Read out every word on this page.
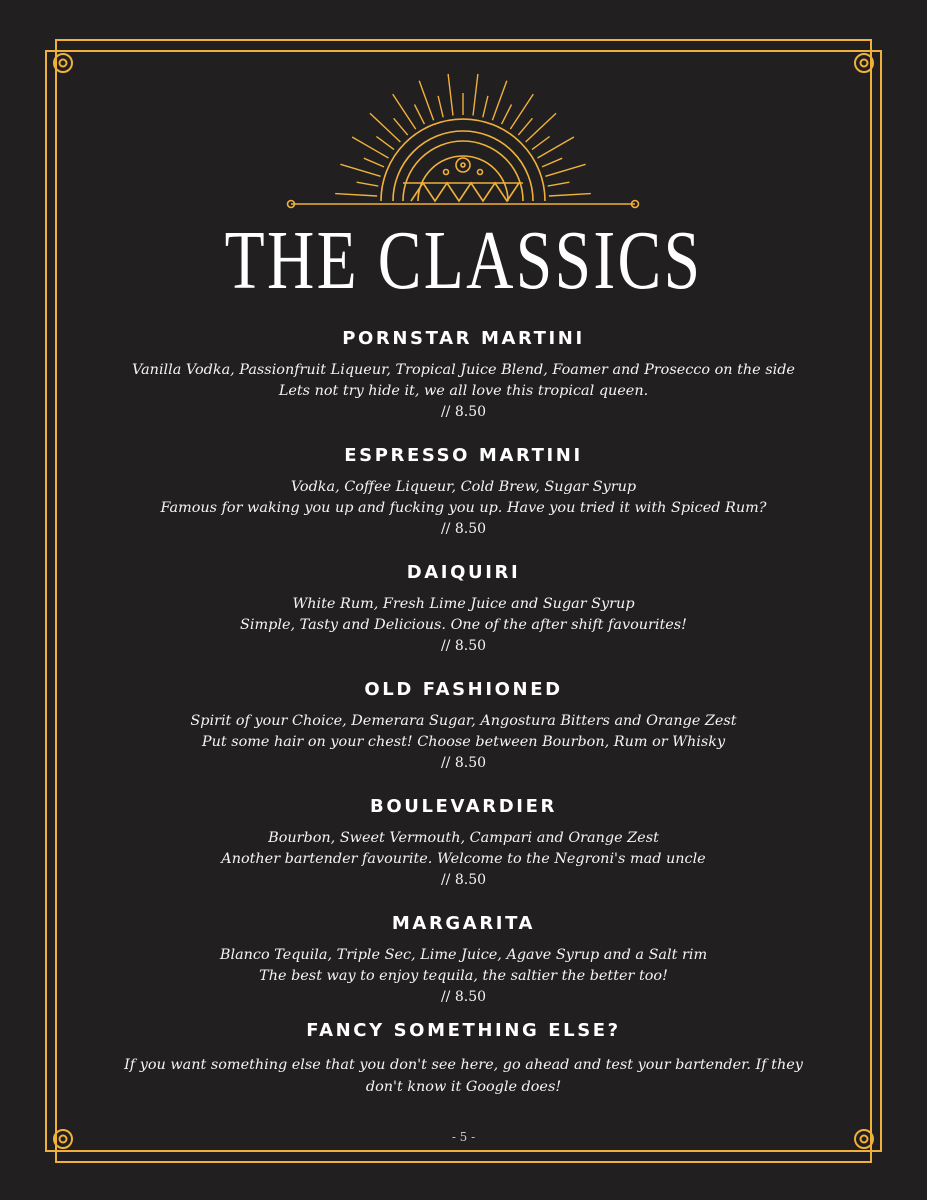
THE CLASSICS
PORNSTAR MARTINI
Vanilla Vodka, Passionfruit Liqueur, Tropical Juice Blend, Foamer and Prosecco on the side
Lets not try hide it, we all love this tropical queen.
// 8.50
ESPRESSO MARTINI
Vodka, Coffee Liqueur, Cold Brew, Sugar Syrup
Famous for waking you up and fucking you up. Have you tried it with Spiced Rum?
// 8.50
DAIQUIRI
White Rum, Fresh Lime Juice and Sugar Syrup
Simple, Tasty and Delicious. One of the after shift favourites!
// 8.50
OLD FASHIONED
Spirit of your Choice, Demerara Sugar, Angostura Bitters and Orange Zest
Put some hair on your chest! Choose between Bourbon, Rum or Whisky
// 8.50
BOULEVARDIER
Bourbon, Sweet Vermouth, Campari and Orange Zest
Another bartender favourite. Welcome to the Negroni's mad uncle
// 8.50
MARGARITA
Blanco Tequila, Triple Sec, Lime Juice, Agave Syrup and a Salt rim
The best way to enjoy tequila, the saltier the better too!
// 8.50
FANCY SOMETHING ELSE?
If you want something else that you don't see here, go ahead and test your bartender. If they don't know it Google does!
- 5 -
